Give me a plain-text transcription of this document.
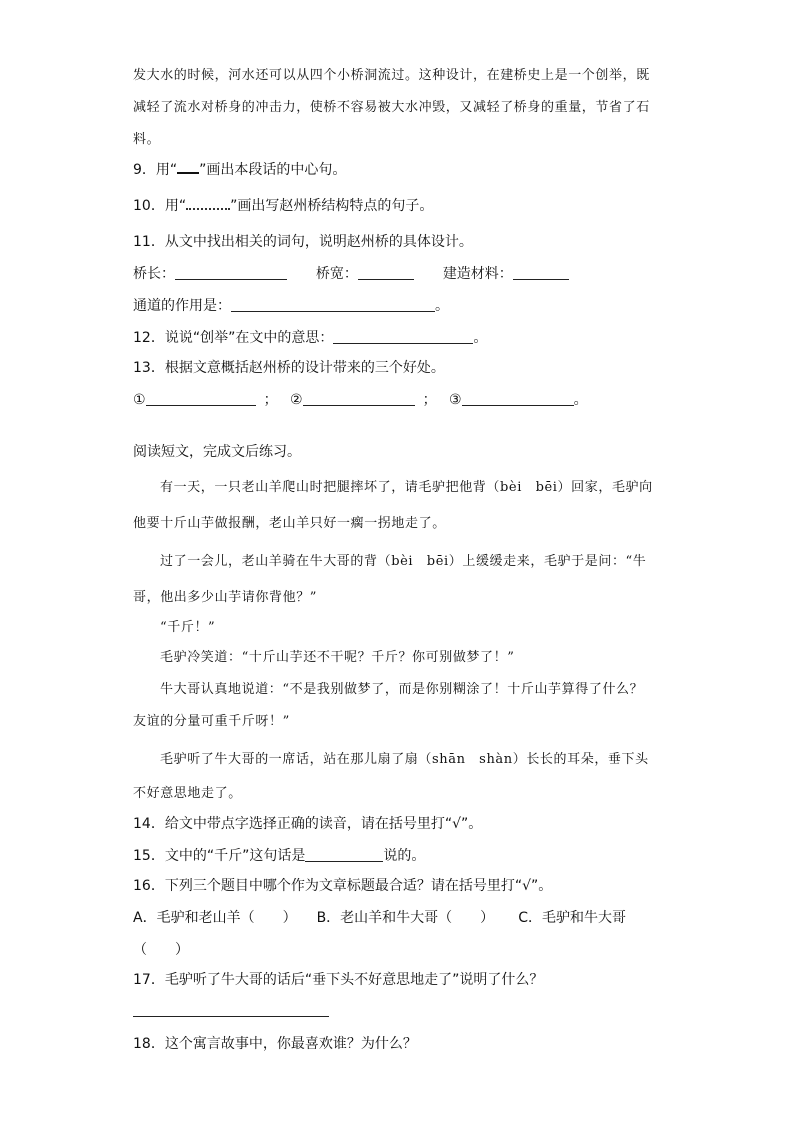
发大水的时候，河水还可以从四个小桥洞流过。这种设计，在建桥史上是一个创举，既
减轻了流水对桥身的冲击力，使桥不容易被大水冲毁，又减轻了桥身的重量，节省了石
料。
9．用“ ”画出本段话的中心句。
10．用“	”画出写赵州桥结构特点的句子。
11．从文中找出相关的词句，说明赵州桥的具体设计。
桥长：	桥宽：	建造材料：
通道的作用是：	。
12．说说“创举”在文中的意思：	。
13．根据文意概括赵州桥的设计带来的三个好处。
①	； ②	； ③	。
阅读短文，完成文后练习。
有一天，一只老山羊爬山时把腿摔坏了，请毛驴把他背（bèi　bēi）回家，毛驴向
他要十斤山芋做报酬，老山羊只好一瘸一拐地走了。
过了一会儿，老山羊骑在牛大哥的背（bèi　bēi）上缓缓走来，毛驴于是问：“牛
哥，他出多少山芋请你背他？”
“千斤！”
毛驴冷笑道：“十斤山芋还不干呢？千斤？你可别做梦了！”
牛大哥认真地说道：“不是我别做梦了，而是你别糊涂了！十斤山芋算得了什么？
友谊的分量可重千斤呀！”
毛驴听了牛大哥的一席话，站在那儿扇了扇（shān　shàn）长长的耳朵，垂下头
不好意思地走了。
14．给文中带点字选择正确的读音，请在括号里打“√”。
15．文中的“千斤”这句话是	说的。
16．下列三个题目中哪个作为文章标题最合适？请在括号里打“√”。
A．毛驴和老山羊（　　） B．老山羊和牛大哥（　　） C．毛驴和牛大哥
（　　）
17．毛驴听了牛大哥的话后“垂下头不好意思地走了”说明了什么？
18．这个寓言故事中，你最喜欢谁？为什么？
